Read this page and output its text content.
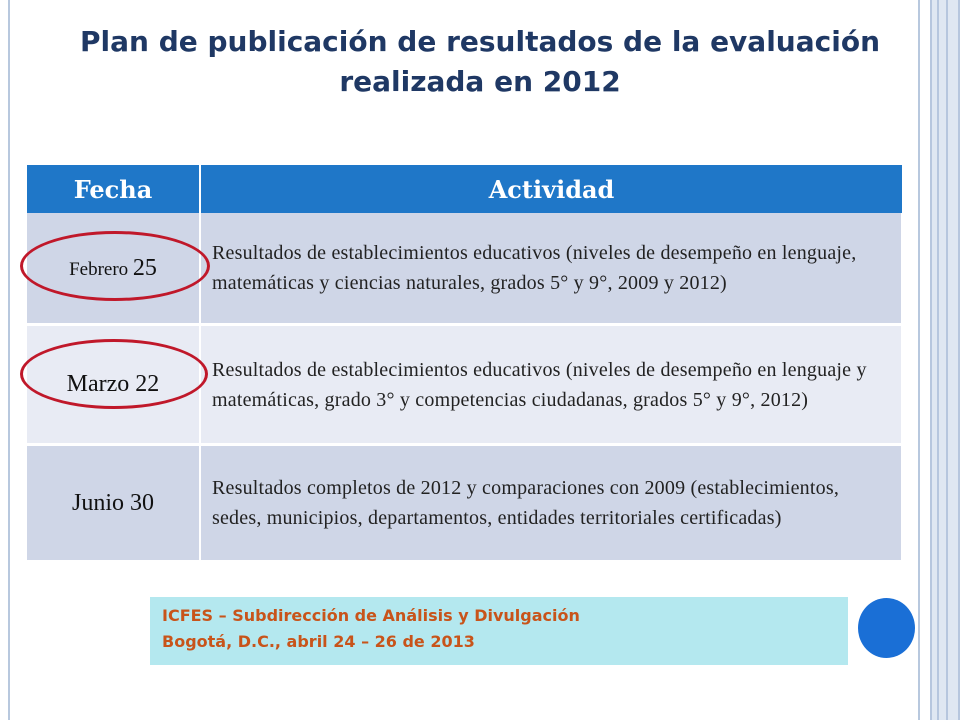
Plan de publicación de resultados de la evaluación
realizada en 2012
Fecha	Actividad
Febrero 25	Resultados de establecimientos educativos (niveles de desempeño en lenguaje, matemáticas y ciencias naturales, grados 5° y 9°, 2009 y 2012)
Marzo 22	Resultados de establecimientos educativos (niveles de desempeño en lenguaje y matemáticas, grado 3° y competencias ciudadanas, grados 5° y 9°, 2012)
Junio 30	Resultados completos de 2012 y comparaciones con 2009 (establecimientos, sedes, municipios, departamentos, entidades territoriales certificadas)
ICFES – Subdirección de Análisis y Divulgación
Bogotá, D.C., abril 24 – 26 de 2013
